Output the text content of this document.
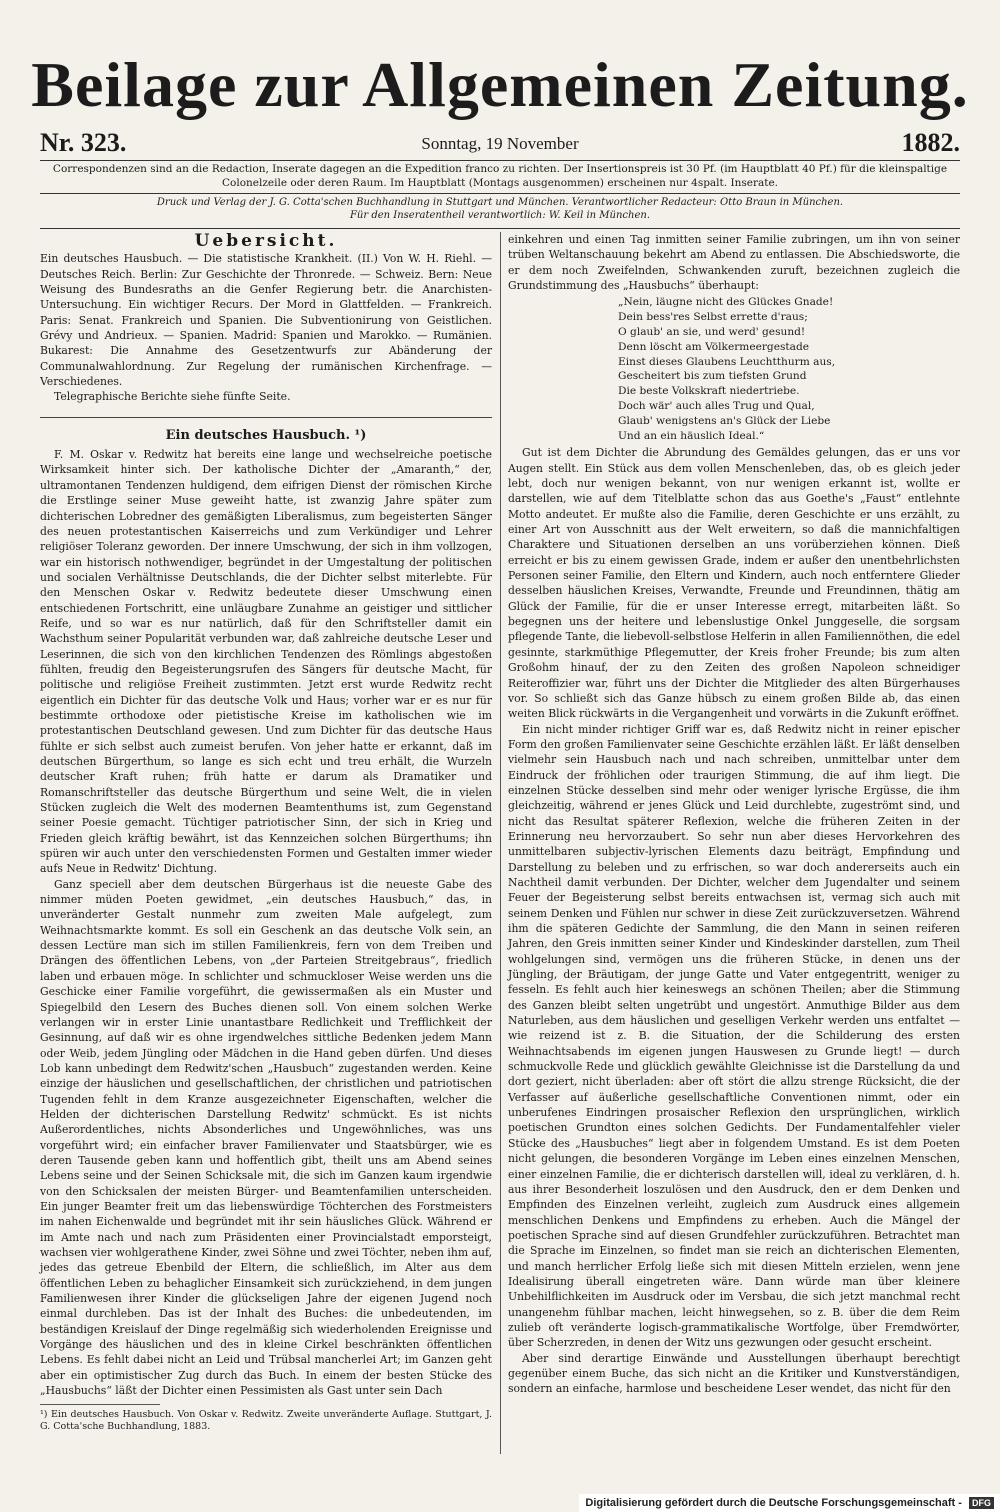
Beilage zur Allgemeinen Zeitung.
Nr. 323.	Sonntag, 19 November	1882.
Correspondenzen sind an die Redaction, Inserate dagegen an die Expedition franco zu richten. Der Insertionspreis ist 30 Pf. (im Hauptblatt 40 Pf.) für die kleinspaltige Colonelzeile oder deren Raum. Im Hauptblatt (Montags ausgenommen) erscheinen nur 4spalt. Inserate.
Druck und Verlag der J. G. Cotta'schen Buchhandlung in Stuttgart und München. Verantwortlicher Redacteur: Otto Braun in München.
Für den Inseratentheil verantwortlich: W. Keil in München.
Uebersicht.

Ein deutsches Hausbuch. — Die statistische Krankheit. (II.) Von W. H. Riehl. — Deutsches Reich. Berlin: Zur Geschichte der Thronrede. — Schweiz. Bern: Neue Weisung des Bundesraths an die Genfer Regierung betr. die Anarchisten-Untersuchung. Ein wichtiger Recurs. Der Mord in Glattfelden. — Frankreich. Paris: Senat. Frankreich und Spanien. Die Subventionirung von Geistlichen. Grévy und Andrieux. — Spanien. Madrid: Spanien und Marokko. — Rumänien. Bukarest: Die Annahme des Gesetzentwurfs zur Abänderung der Communalwahlordnung. Zur Regelung der rumänischen Kirchenfrage. — Verschiedenes.

Telegraphische Berichte siehe fünfte Seite.

Ein deutsches Hausbuch. ¹)

F. M. Oskar v. Redwitz hat bereits eine lange und wechselreiche poetische Wirksamkeit hinter sich. Der katholische Dichter der „Amaranth,“ der, ultramontanen Tendenzen huldigend, dem eifrigen Dienst der römischen Kirche die Erstlinge seiner Muse geweiht hatte, ist zwanzig Jahre später zum dichterischen Lobredner des gemäßigten Liberalismus, zum begeisterten Sänger des neuen protestantischen Kaiserreichs und zum Verkündiger und Lehrer religiöser Toleranz geworden. Der innere Umschwung, der sich in ihm vollzogen, war ein historisch nothwendiger, begründet in der Umgestaltung der politischen und socialen Verhältnisse Deutschlands, die der Dichter selbst miterlebte. Für den Menschen Oskar v. Redwitz bedeutete dieser Umschwung einen entschiedenen Fortschritt, eine unläugbare Zunahme an geistiger und sittlicher Reife, und so war es nur natürlich, daß für den Schriftsteller damit ein Wachsthum seiner Popularität verbunden war, daß zahlreiche deutsche Leser und Leserinnen, die sich von den kirchlichen Tendenzen des Römlings abgestoßen fühlten, freudig den Begeisterungsrufen des Sängers für deutsche Macht, für politische und religiöse Freiheit zustimmten. Jetzt erst wurde Redwitz recht eigentlich ein Dichter für das deutsche Volk und Haus; vorher war er es nur für bestimmte orthodoxe oder pietistische Kreise im katholischen wie im protestantischen Deutschland gewesen. Und zum Dichter für das deutsche Haus fühlte er sich selbst auch zumeist berufen. Von jeher hatte er erkannt, daß im deutschen Bürgerthum, so lange es sich echt und treu erhält, die Wurzeln deutscher Kraft ruhen; früh hatte er darum als Dramatiker und Romanschriftsteller das deutsche Bürgerthum und seine Welt, die in vielen Stücken zugleich die Welt des modernen Beamtenthums ist, zum Gegenstand seiner Poesie gemacht. Tüchtiger patriotischer Sinn, der sich in Krieg und Frieden gleich kräftig bewährt, ist das Kennzeichen solchen Bürgerthums; ihn spüren wir auch unter den verschiedensten Formen und Gestalten immer wieder aufs Neue in Redwitz' Dichtung.

Ganz speciell aber dem deutschen Bürgerhaus ist die neueste Gabe des nimmer müden Poeten gewidmet, „ein deutsches Hausbuch,“ das, in unveränderter Gestalt nunmehr zum zweiten Male aufgelegt, zum Weihnachtsmarkte kommt. Es soll ein Geschenk an das deutsche Volk sein, an dessen Lectüre man sich im stillen Familienkreis, fern von dem Treiben und Drängen des öffentlichen Lebens, von „der Parteien Streitgebraus“, friedlich laben und erbauen möge. In schlichter und schmuckloser Weise werden uns die Geschicke einer Familie vorgeführt, die gewissermaßen als ein Muster und Spiegelbild den Lesern des Buches dienen soll. Von einem solchen Werke verlangen wir in erster Linie unantastbare Redlichkeit und Trefflichkeit der Gesinnung, auf daß wir es ohne irgendwelches sittliche Bedenken jedem Mann oder Weib, jedem Jüngling oder Mädchen in die Hand geben dürfen. Und dieses Lob kann unbedingt dem Redwitz'schen „Hausbuch“ zugestanden werden. Keine einzige der häuslichen und gesellschaftlichen, der christlichen und patriotischen Tugenden fehlt in dem Kranze ausgezeichneter Eigenschaften, welcher die Helden der dichterischen Darstellung Redwitz' schmückt. Es ist nichts Außerordentliches, nichts Absonderliches und Ungewöhnliches, was uns vorgeführt wird; ein einfacher braver Familienvater und Staatsbürger, wie es deren Tausende geben kann und hoffentlich gibt, theilt uns am Abend seines Lebens seine und der Seinen Schicksale mit, die sich im Ganzen kaum irgendwie von den Schicksalen der meisten Bürger- und Beamtenfamilien unterscheiden. Ein junger Beamter freit um das liebenswürdige Töchterchen des Forstmeisters im nahen Eichenwalde und begründet mit ihr sein häusliches Glück. Während er im Amte nach und nach zum Präsidenten einer Provincialstadt emporsteigt, wachsen vier wohlgerathene Kinder, zwei Söhne und zwei Töchter, neben ihm auf, jedes das getreue Ebenbild der Eltern, die schließlich, im Alter aus dem öffentlichen Leben zu behaglicher Einsamkeit sich zurückziehend, in dem jungen Familienwesen ihrer Kinder die glückseligen Jahre der eigenen Jugend noch einmal durchleben. Das ist der Inhalt des Buches: die unbedeutenden, im beständigen Kreislauf der Dinge regelmäßig sich wiederholenden Ereignisse und Vorgänge des häuslichen und des in kleine Cirkel beschränkten öffentlichen Lebens. Es fehlt dabei nicht an Leid und Trübsal mancherlei Art; im Ganzen geht aber ein optimistischer Zug durch das Buch. In einem der besten Stücke des „Hausbuchs“ läßt der Dichter einen Pessimisten als Gast unter sein Dach

¹) Ein deutsches Hausbuch. Von Oskar v. Redwitz. Zweite unveränderte Auflage. Stuttgart, J. G. Cotta'sche Buchhandlung, 1883.

einkehren und einen Tag inmitten seiner Familie zubringen, um ihn von seiner trüben Weltanschauung bekehrt am Abend zu entlassen. Die Abschiedsworte, die er dem noch Zweifelnden, Schwankenden zuruft, bezeichnen zugleich die Grundstimmung des „Hausbuchs“ überhaupt:

„Nein, läugne nicht des Glückes Gnade!
Dein bess'res Selbst errette d'raus;
O glaub' an sie, und werd' gesund!
Denn löscht am Völkermeergestade
Einst dieses Glaubens Leuchtthurm aus,
Gescheitert bis zum tiefsten Grund
Die beste Volkskraft niedertriebe.
Doch wär' auch alles Trug und Qual,
Glaub' wenigstens an's Glück der Liebe
Und an ein häuslich Ideal.“

Gut ist dem Dichter die Abrundung des Gemäldes gelungen, das er uns vor Augen stellt. Ein Stück aus dem vollen Menschenleben, das, ob es gleich jeder lebt, doch nur wenigen bekannt, von nur wenigen erkannt ist, wollte er darstellen, wie auf dem Titelblatte schon das aus Goethe's „Faust“ entlehnte Motto andeutet. Er mußte also die Familie, deren Geschichte er uns erzählt, zu einer Art von Ausschnitt aus der Welt erweitern, so daß die mannichfaltigen Charaktere und Situationen derselben an uns vorüberziehen können. Dieß erreicht er bis zu einem gewissen Grade, indem er außer den unentbehrlichsten Personen seiner Familie, den Eltern und Kindern, auch noch entferntere Glieder desselben häuslichen Kreises, Verwandte, Freunde und Freundinnen, thätig am Glück der Familie, für die er unser Interesse erregt, mitarbeiten läßt. So begegnen uns der heitere und lebenslustige Onkel Junggeselle, die sorgsam pflegende Tante, die liebevoll-selbstlose Helferin in allen Familiennöthen, die edel gesinnte, starkmüthige Pflegemutter, der Kreis froher Freunde; bis zum alten Großohm hinauf, der zu den Zeiten des großen Napoleon schneidiger Reiteroffizier war, führt uns der Dichter die Mitglieder des alten Bürgerhauses vor. So schließt sich das Ganze hübsch zu einem großen Bilde ab, das einen weiten Blick rückwärts in die Vergangenheit und vorwärts in die Zukunft eröffnet.

Ein nicht minder richtiger Griff war es, daß Redwitz nicht in reiner epischer Form den großen Familienvater seine Geschichte erzählen läßt. Er läßt denselben vielmehr sein Hausbuch nach und nach schreiben, unmittelbar unter dem Eindruck der fröhlichen oder traurigen Stimmung, die auf ihm liegt. Die einzelnen Stücke desselben sind mehr oder weniger lyrische Ergüsse, die ihm gleichzeitig, während er jenes Glück und Leid durchlebte, zugeströmt sind, und nicht das Resultat späterer Reflexion, welche die früheren Zeiten in der Erinnerung neu hervorzaubert. So sehr nun aber dieses Hervorkehren des unmittelbaren subjectiv-lyrischen Elements dazu beiträgt, Empfindung und Darstellung zu beleben und zu erfrischen, so war doch andererseits auch ein Nachtheil damit verbunden. Der Dichter, welcher dem Jugendalter und seinem Feuer der Begeisterung selbst bereits entwachsen ist, vermag sich auch mit seinem Denken und Fühlen nur schwer in diese Zeit zurückzuversetzen. Während ihm die späteren Gedichte der Sammlung, die den Mann in seinen reiferen Jahren, den Greis inmitten seiner Kinder und Kindeskinder darstellen, zum Theil wohlgelungen sind, vermögen uns die früheren Stücke, in denen uns der Jüngling, der Bräutigam, der junge Gatte und Vater entgegentritt, weniger zu fesseln. Es fehlt auch hier keineswegs an schönen Theilen; aber die Stimmung des Ganzen bleibt selten ungetrübt und ungestört. Anmuthige Bilder aus dem Naturleben, aus dem häuslichen und geselligen Verkehr werden uns entfaltet — wie reizend ist z. B. die Situation, der die Schilderung des ersten Weihnachtsabends im eigenen jungen Hauswesen zu Grunde liegt! — durch schmuckvolle Rede und glücklich gewählte Gleichnisse ist die Darstellung da und dort geziert, nicht überladen: aber oft stört die allzu strenge Rücksicht, die der Verfasser auf äußerliche gesellschaftliche Conventionen nimmt, oder ein unberufenes Eindringen prosaischer Reflexion den ursprünglichen, wirklich poetischen Grundton eines solchen Gedichts. Der Fundamentalfehler vieler Stücke des „Hausbuches“ liegt aber in folgendem Umstand. Es ist dem Poeten nicht gelungen, die besonderen Vorgänge im Leben eines einzelnen Menschen, einer einzelnen Familie, die er dichterisch darstellen will, ideal zu verklären, d. h. aus ihrer Besonderheit loszulösen und den Ausdruck, den er dem Denken und Empfinden des Einzelnen verleiht, zugleich zum Ausdruck eines allgemein menschlichen Denkens und Empfindens zu erheben. Auch die Mängel der poetischen Sprache sind auf diesen Grundfehler zurückzuführen. Betrachtet man die Sprache im Einzelnen, so findet man sie reich an dichterischen Elementen, und manch herrlicher Erfolg ließe sich mit diesen Mitteln erzielen, wenn jene Idealisirung überall eingetreten wäre. Dann würde man über kleinere Unbehilflichkeiten im Ausdruck oder im Versbau, die sich jetzt manchmal recht unangenehm fühlbar machen, leicht hinwegsehen, so z. B. über die dem Reim zulieb oft veränderte logisch-grammatikalische Wortfolge, über Fremdwörter, über Scherzreden, in denen der Witz uns gezwungen oder gesucht erscheint.

Aber sind derartige Einwände und Ausstellungen überhaupt berechtigt gegenüber einem Buche, das sich nicht an die Kritiker und Kunstverständigen, sondern an einfache, harmlose und bescheidene Leser wendet, das nicht für den

Digitalisierung gefördert durch die Deutsche Forschungsgemeinschaft - DFG
